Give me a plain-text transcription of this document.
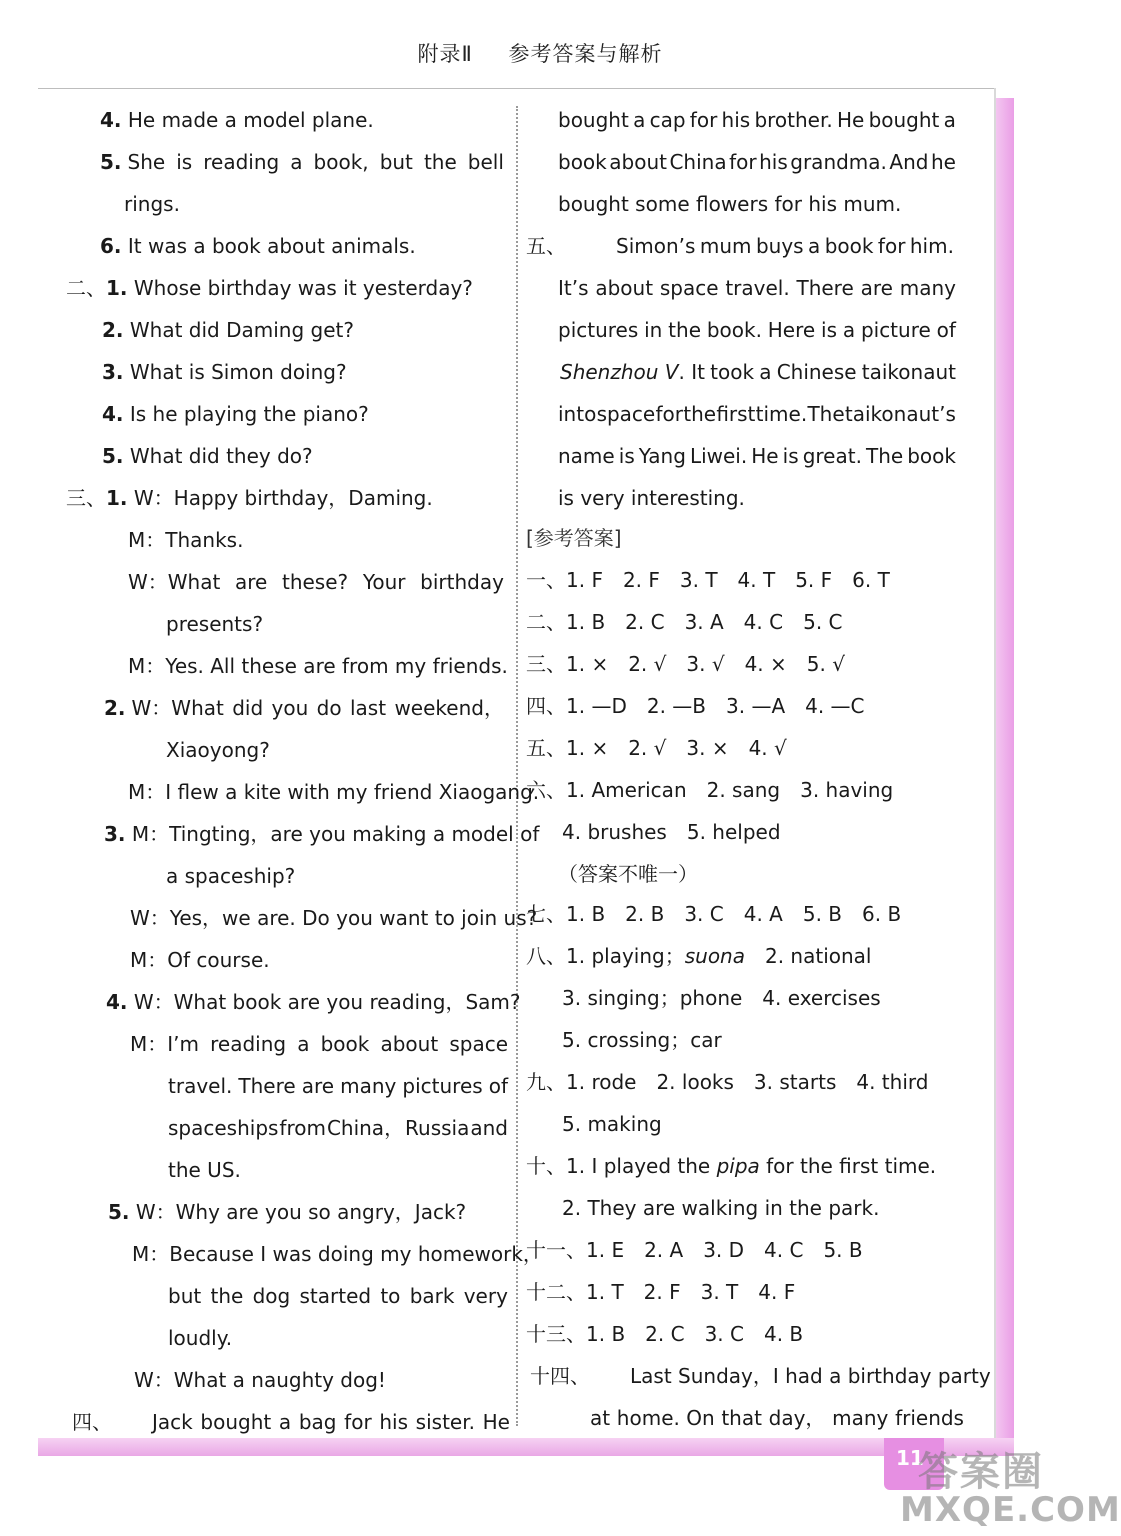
附录Ⅱ 参考答案与解析
4. He made a model plane.
5. She is reading a book, but the bell
rings.
6. It was a book about animals.
二、1. Whose birthday was it yesterday?
2. What did Daming get?
3. What is Simon doing?
4. Is he playing the piano?
5. What did they do?
三、1. W：Happy birthday，Daming.
M：Thanks.
W：What are these? Your birthday
presents?
M：Yes. All these are from my friends.
2. W：What did you do last weekend，
Xiaoyong?
M：I flew a kite with my friend Xiaogang.
3. M：Tingting，are you making a model of
a spaceship?
W：Yes，we are. Do you want to join us?
M：Of course.
4. W：What book are you reading，Sam?
M：I’m reading a book about space
travel. There are many pictures of
spaceships from China， Russia and
the US.
5. W：Why are you so angry，Jack?
M：Because I was doing my homework，
but the dog started to bark very
loudly.
W：What a naughty dog!
四、 Jack bought a bag for his sister. He
bought a cap for his brother. He bought a
book about China for his grandma. And he
bought some flowers for his mum.
五、	Simon’s mum buys a book for him.
It’s about space travel. There are many
pictures in the book. Here is a picture of
Shenzhou V . It took a Chinese taikonaut
into space for the first time. The taikonaut’s
name is Yang Liwei. He is great. The book
is very interesting.
[参考答案]
一、1. F　2. F　3. T　4. T　5. F　6. T
二、1. B　2. C　3. A　4. C　5. C
三、1. ×　2. √　3. √　4. ×　5. √
四、1. —D　2. —B　3. —A　4. —C
五、1. ×　2. √　3. ×　4. √
六、1. American　2. sang　3. having
4. brushes　5. helped
（答案不唯一）
七、1. B　2. B　3. C　4. A　5. B　6. B
八、1. playing；suona　2. national
3. singing；phone　4. exercises
5. crossing；car
九、1. rode　2. looks　3. starts　4. third
5. making
十、1. I played the pipa for the first time.
2. They are walking in the park.
十一、1. E　2. A　3. D　4. C　5. B
十二、1. T　2. F　3. T　4. F
十三、1. B　2. C　3. C　4. B
十四、 Last Sunday，I had a birthday party
at home. On that day， many friends
11
答案圈
MXQE.COM
